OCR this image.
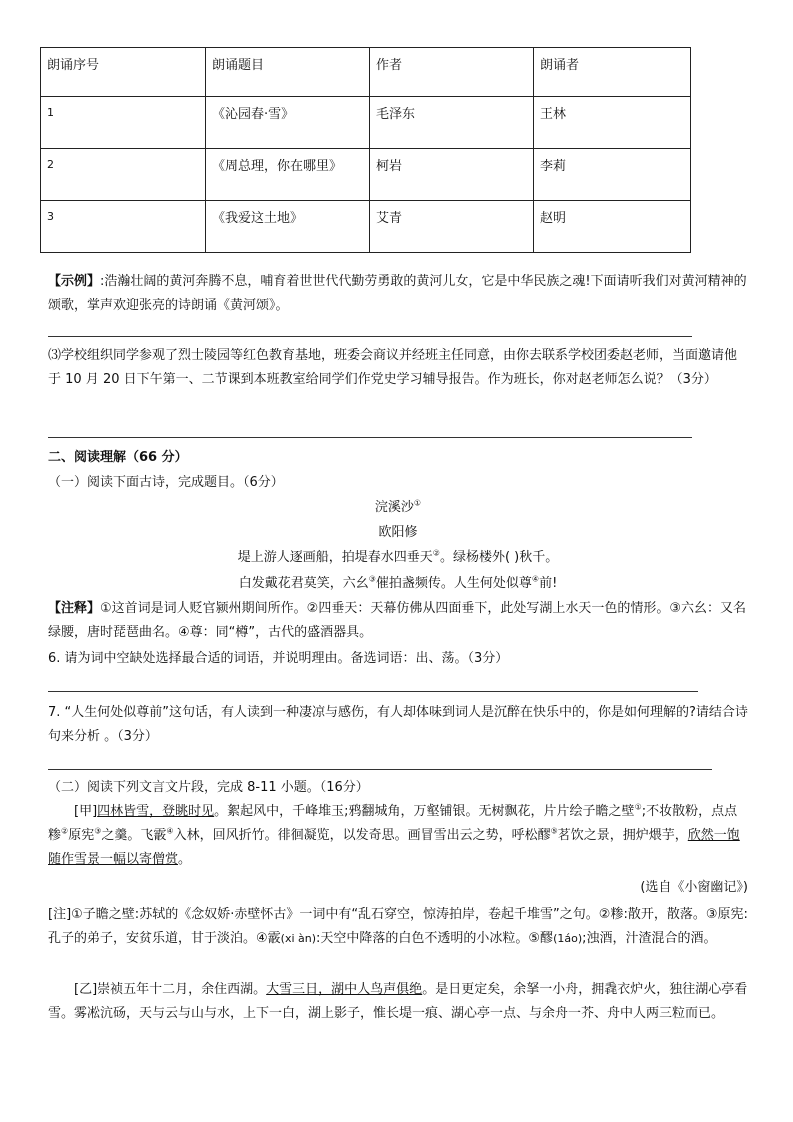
朗诵序号	朗诵题目	作者	朗诵者
1	《沁园春·雪》	毛泽东	王林
2	《周总理，你在哪里》	柯岩	李莉
3	《我爱这土地》	艾青	赵明
【示例】:浩瀚壮阔的黄河奔腾不息，哺育着世世代代勤劳勇敢的黄河儿女，它是中华民族之魂!下面请听我们对黄河精神的颂歌，掌声欢迎张亮的诗朗诵《黄河颂》。
⑶学校组织同学参观了烈士陵园等红色教育基地，班委会商议并经班主任同意，由你去联系学校团委赵老师，当面邀请他于 10 月 20 日下午第一、二节课到本班教室给同学们作党史学习辅导报告。作为班长，你对赵老师怎么说？（3分）
二、阅读理解（66 分）
（一）阅读下面古诗，完成题目。（6分）
浣溪沙①
欧阳修
堤上游人逐画船，拍堤春水四垂天②。绿杨楼外( )秋千。
白发戴花君莫笑，六幺③催拍盏频传。人生何处似尊④前!
【注释】①这首词是词人贬官颍州期间所作。②四垂天：天幕仿佛从四面垂下，此处写湖上水天一色的情形。③六幺：又名绿腰，唐时琵琶曲名。④尊：同“樽”，古代的盛酒器具。
6. 请为词中空缺处选择最合适的词语，并说明理由。备选词语：出、荡。（3分）
7. “人生何处似尊前”这句话，有人读到一种凄凉与感伤，有人却体味到词人是沉醉在快乐中的，你是如何理解的?请结合诗句来分析 。（3分）
（二）阅读下列文言文片段，完成 8-11 小题。（16分）
[甲]四林皆雪，登眺时见。絮起风中，千峰堆玉;鸦翻城角，万壑铺银。无树飘花，片片绘子瞻之壁①;不妆散粉，点点糁②原宪③之羹。飞霰④入林，回风折竹。徘徊凝览，以发奇思。画冒雪出云之势，呼松醪⑤茗饮之景，拥炉煨芋，欣然一饱随作雪景一幅以寄僧赏。
(选自《小窗幽记》)
[注]①子瞻之壁:苏轼的《念奴娇·赤壁怀古》一词中有“乱石穿空，惊涛拍岸，卷起千堆雪”之句。②糁:散开，散落。③原宪:孔子的弟子，安贫乐道，甘于淡泊。④霰(xi àn):天空中降落的白色不透明的小冰粒。⑤醪(1áo);浊酒，汁渣混合的酒。
[乙]崇祯五年十二月，余住西湖。大雪三日，湖中人鸟声俱绝。是日更定矣，余拏一小舟，拥毳衣炉火，独往湖心亭看雪。雾凇沆砀，天与云与山与水，上下一白，湖上影子，惟长堤一痕、湖心亭一点、与余舟一芥、舟中人两三粒而已。
